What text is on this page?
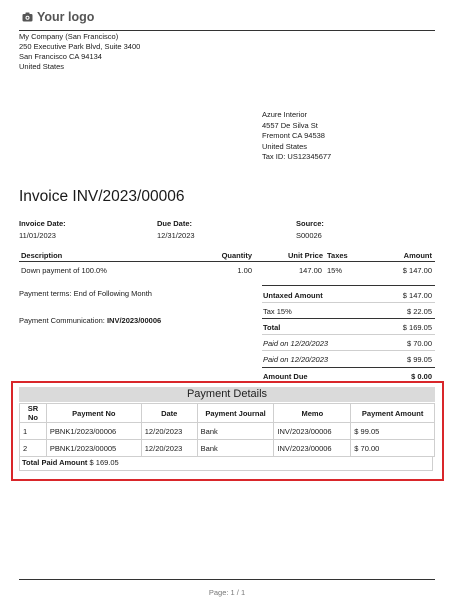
Your logo
My Company (San Francisco)
250 Executive Park Blvd, Suite 3400
San Francisco CA 94134
United States
Azure Interior
4557 De Silva St
Fremont CA 94538
United States
Tax ID: US12345677
Invoice INV/2023/00006
Invoice Date:
11/01/2023
Due Date:
12/31/2023
Source:
S00026
Description	Quantity	Unit Price Taxes	Amount
Down payment of 100.0%	1.00	147.00 15%	$ 147.00
Payment terms: End of Following Month
Payment Communication: INV/2023/00006
Untaxed Amount	$ 147.00
Tax 15%	$ 22.05
Total	$ 169.05
Paid on 12/20/2023	$ 70.00
Paid on 12/20/2023	$ 99.05
Amount Due	$ 0.00
Payment Details
SR No	Payment No	Date	Payment Journal	Memo	Payment Amount
1	PBNK1/2023/00006	12/20/2023	Bank	INV/2023/00006	$ 99.05
2	PBNK1/2023/00005	12/20/2023	Bank	INV/2023/00006	$ 70.00
Total Paid Amount $ 169.05
Page: 1 / 1
